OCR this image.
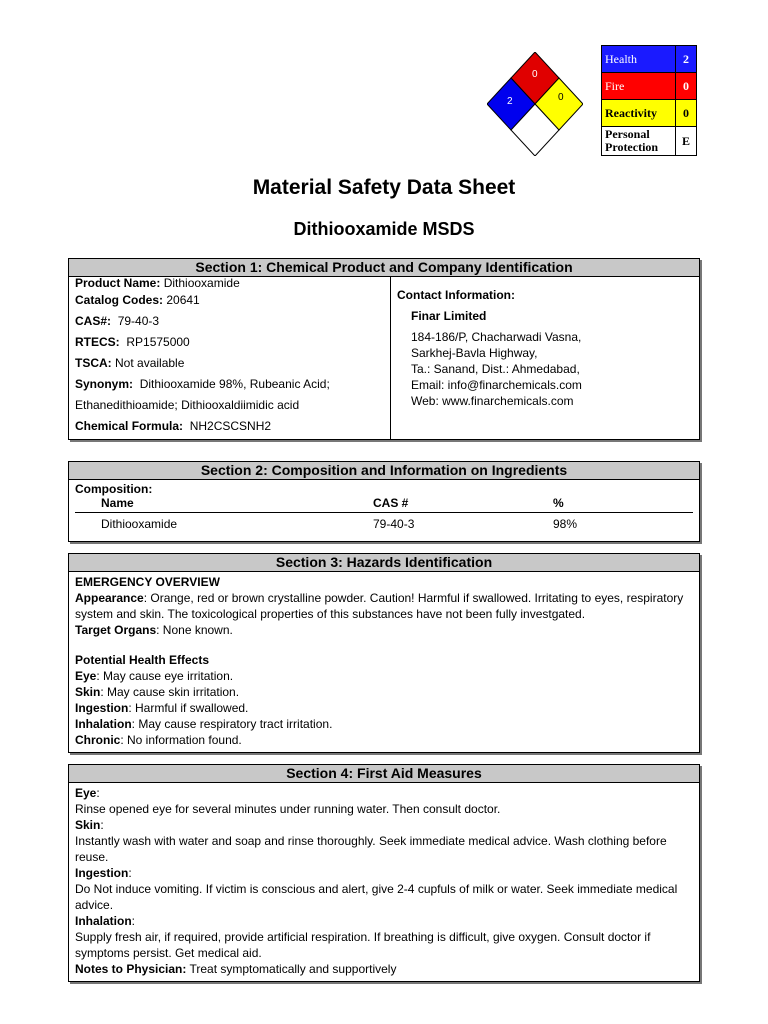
0
2	0
Health	2
Fire	0
Reactivity	0
Personal Protection	E
Material Safety Data Sheet
Dithiooxamide MSDS
Section 1: Chemical Product and Company Identification

Product Name: Dithiooxamide

Catalog Codes: 20641

CAS#: 79-40-3

RTECS: RP1575000

TSCA: Not available

Synonym: Dithiooxamide 98%, Rubeanic Acid;

Ethanedithioamide; Dithiooxaldiimidic acid

Chemical Formula: NH2CSCSNH2

Contact Information:

Finar Limited

184-186/P, Chacharwadi Vasna,

Sarkhej-Bavla Highway,

Ta.: Sanand, Dist.: Ahmedabad,

Email: info@finarchemicals.com

Web: www.finarchemicals.com

Section 2: Composition and Information on Ingredients

Composition:

Name	CAS #	%
Dithiooxamide	79-40-3	98%
Section 3: Hazards Identification

EMERGENCY OVERVIEW

Appearance: Orange, red or brown crystalline powder. Caution! Harmful if swallowed. Irritating to eyes, respiratory

system and skin. The toxicological properties of this substances have not been fully investgated.

Target Organs: None known.

Potential Health Effects

Eye: May cause eye irritation.

Skin: May cause skin irritation.

Ingestion: Harmful if swallowed.

Inhalation: May cause respiratory tract irritation.

Chronic: No information found.

Section 4: First Aid Measures

Eye:

Rinse opened eye for several minutes under running water. Then consult doctor.

Skin:

Instantly wash with water and soap and rinse thoroughly. Seek immediate medical advice. Wash clothing before

reuse.

Ingestion:

Do Not induce vomiting. If victim is conscious and alert, give 2-4 cupfuls of milk or water. Seek immediate medical

advice.

Inhalation:

Supply fresh air, if required, provide artificial respiration. If breathing is difficult, give oxygen. Consult doctor if

symptoms persist. Get medical aid.

Notes to Physician: Treat symptomatically and supportively
